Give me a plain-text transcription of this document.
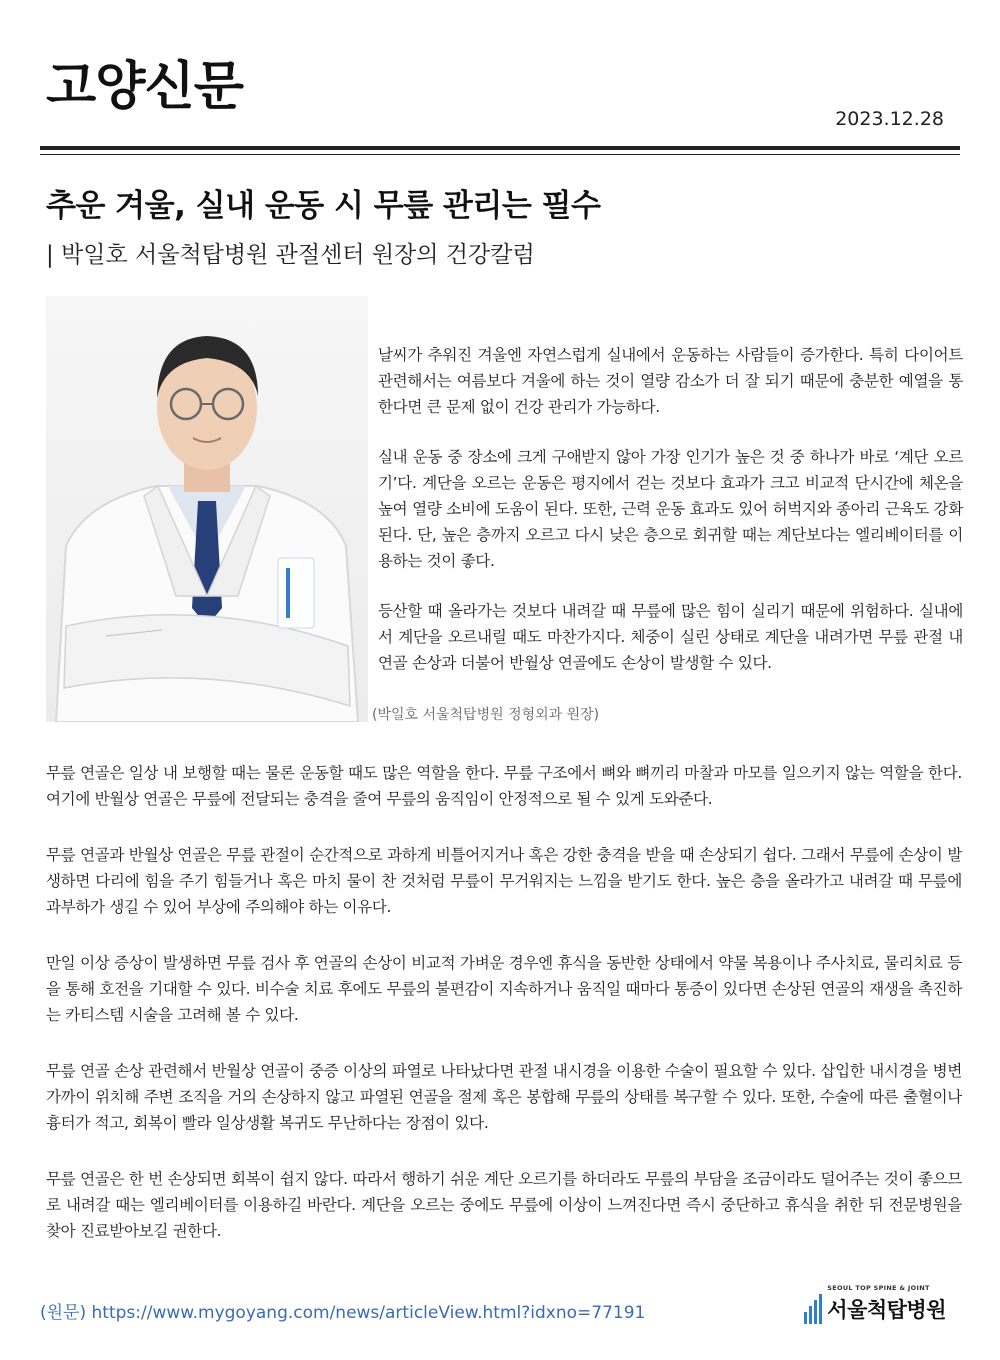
고양신문
2023.12.28
추운 겨울, 실내 운동 시 무릎 관리는 필수
| 박일호 서울척탑병원 관절센터 원장의 건강칼럼
(박일호 서울척탑병원 정형외과 원장)

날씨가 추워진 겨울엔 자연스럽게 실내에서 운동하는 사람들이 증가한다. 특히 다이어트 관련해서는 여름보다 겨울에 하는 것이 열량 감소가 더 잘 되기 때문에 충분한 예열을 통한다면 큰 문제 없이 건강 관리가 가능하다.

실내 운동 중 장소에 크게 구애받지 않아 가장 인기가 높은 것 중 하나가 바로 ‘계단 오르기’다. 계단을 오르는 운동은 평지에서 걷는 것보다 효과가 크고 비교적 단시간에 체온을 높여 열량 소비에 도움이 된다. 또한, 근력 운동 효과도 있어 허벅지와 종아리 근육도 강화된다. 단, 높은 층까지 오르고 다시 낮은 층으로 회귀할 때는 계단보다는 엘리베이터를 이용하는 것이 좋다.

등산할 때 올라가는 것보다 내려갈 때 무릎에 많은 힘이 실리기 때문에 위험하다. 실내에서 계단을 오르내릴 때도 마찬가지다. 체중이 실린 상태로 계단을 내려가면 무릎 관절 내 연골 손상과 더불어 반월상 연골에도 손상이 발생할 수 있다.

무릎 연골은 일상 내 보행할 때는 물론 운동할 때도 많은 역할을 한다. 무릎 구조에서 뼈와 뼈끼리 마찰과 마모를 일으키지 않는 역할을 한다. 여기에 반월상 연골은 무릎에 전달되는 충격을 줄여 무릎의 움직임이 안정적으로 될 수 있게 도와준다.

무릎 연골과 반월상 연골은 무릎 관절이 순간적으로 과하게 비틀어지거나 혹은 강한 충격을 받을 때 손상되기 쉽다. 그래서 무릎에 손상이 발생하면 다리에 힘을 주기 힘들거나 혹은 마치 물이 찬 것처럼 무릎이 무거워지는 느낌을 받기도 한다. 높은 층을 올라가고 내려갈 때 무릎에 과부하가 생길 수 있어 부상에 주의해야 하는 이유다.

만일 이상 증상이 발생하면 무릎 검사 후 연골의 손상이 비교적 가벼운 경우엔 휴식을 동반한 상태에서 약물 복용이나 주사치료, 물리치료 등을 통해 호전을 기대할 수 있다. 비수술 치료 후에도 무릎의 불편감이 지속하거나 움직일 때마다 통증이 있다면 손상된 연골의 재생을 촉진하는 카티스템 시술을 고려해 볼 수 있다.

무릎 연골 손상 관련해서 반월상 연골이 중증 이상의 파열로 나타났다면 관절 내시경을 이용한 수술이 필요할 수 있다. 삽입한 내시경을 병변 가까이 위치해 주변 조직을 거의 손상하지 않고 파열된 연골을 절제 혹은 봉합해 무릎의 상태를 복구할 수 있다. 또한, 수술에 따른 출혈이나 흉터가 적고, 회복이 빨라 일상생활 복귀도 무난하다는 장점이 있다.

무릎 연골은 한 번 손상되면 회복이 쉽지 않다. 따라서 행하기 쉬운 계단 오르기를 하더라도 무릎의 부담을 조금이라도 덜어주는 것이 좋으므로 내려갈 때는 엘리베이터를 이용하길 바란다. 계단을 오르는 중에도 무릎에 이상이 느껴진다면 즉시 중단하고 휴식을 취한 뒤 전문병원을 찾아 진료받아보길 권한다.

(원문) https://www.mygoyang.com/news/articleView.html?idxno=77191
SEOUL TOP SPINE & JOINT
서울척탑병원
